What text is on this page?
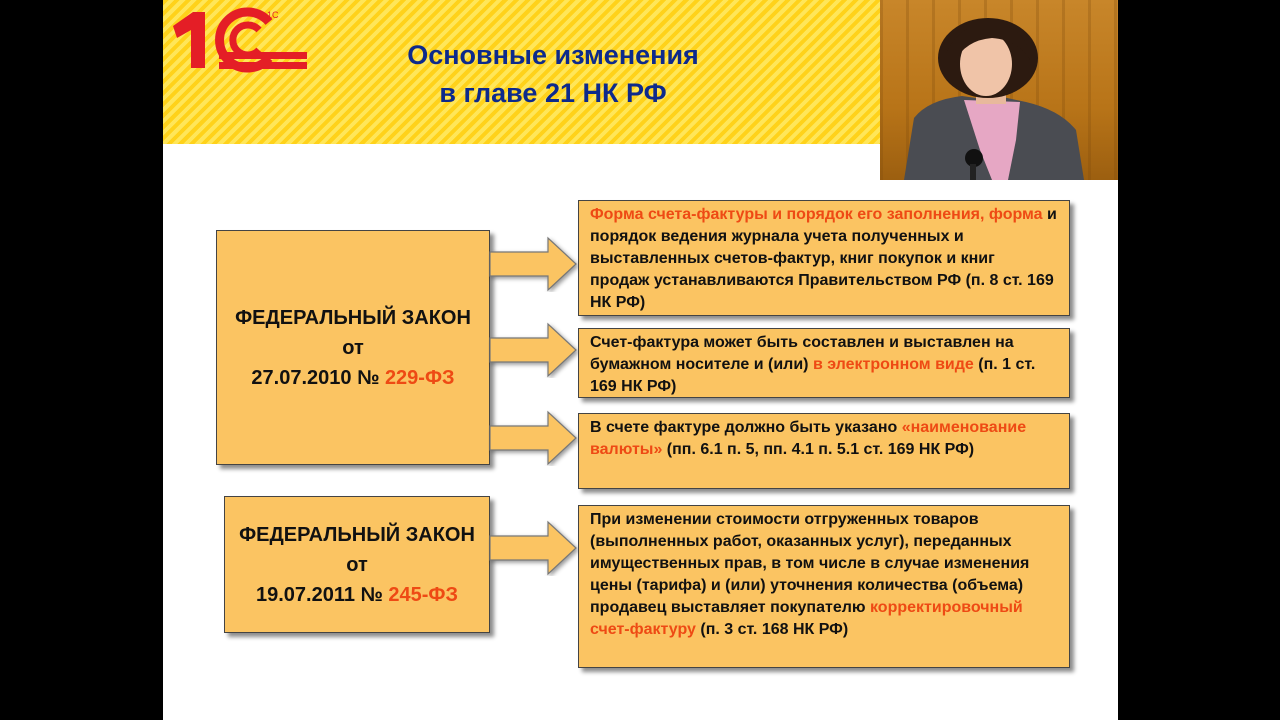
1С
Основные изменения
в главе 21 НК РФ
ФЕДЕРАЛЬНЫЙ ЗАКОН
от
27.07.2010 № 229-ФЗ
ФЕДЕРАЛЬНЫЙ ЗАКОН
от
19.07.2011 № 245-ФЗ
Форма счета-фактуры и порядок его заполнения, форма и порядок ведения журнала учета полученных и выставленных счетов-фактур, книг покупок и книг продаж устанавливаются Правительством РФ (п. 8 ст. 169 НК РФ)
Счет-фактура может быть составлен и выставлен на бумажном носителе и (или) в электронном виде (п. 1 ст. 169 НК РФ)
В счете фактуре должно быть указано «наименование валюты» (пп. 6.1 п. 5, пп. 4.1 п. 5.1 ст. 169 НК РФ)
При изменении стоимости отгруженных товаров (выполненных работ, оказанных услуг), переданных имущественных прав, в том числе в случае изменения цены (тарифа) и (или) уточнения количества (объема) продавец выставляет покупателю корректировочный счет-фактуру (п. 3 ст. 168 НК РФ)
